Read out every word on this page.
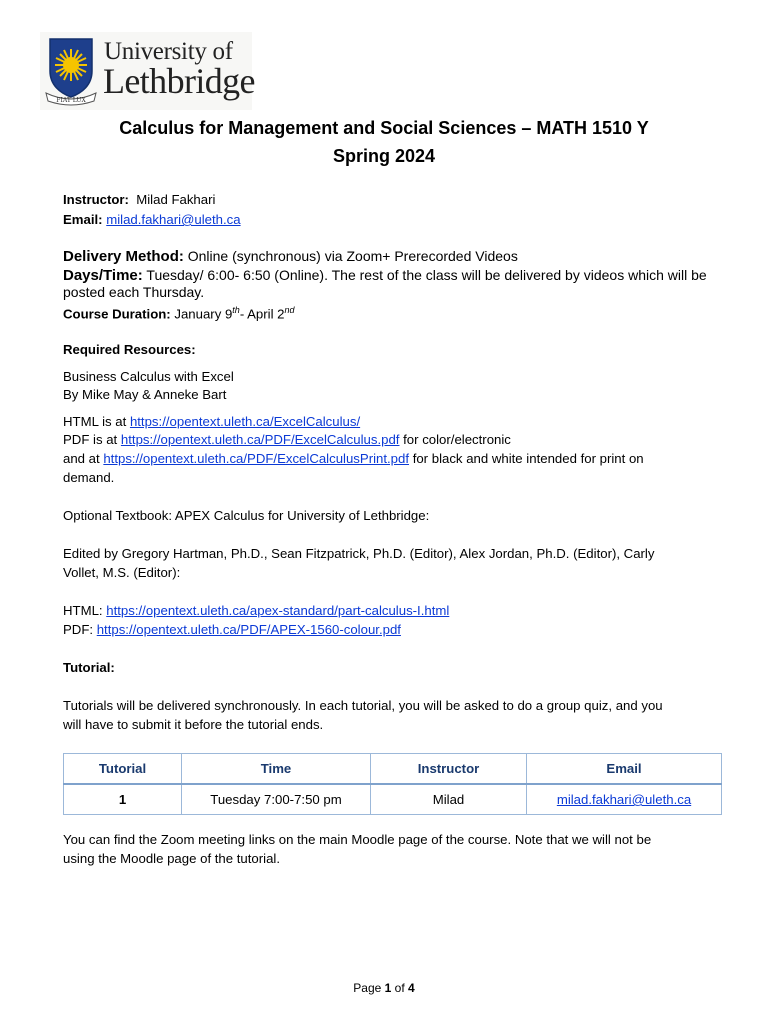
FIAT LUX
University of
Lethbridge
Calculus for Management and Social Sciences – MATH 1510 Y
Spring 2024
Instructor: Milad Fakhari
Email: milad.fakhari@uleth.ca
Delivery Method: Online (synchronous) via Zoom+ Prerecorded Videos
Days/Time: Tuesday/ 6:00- 6:50 (Online). The rest of the class will be delivered by videos which will be
posted each Thursday.
Course Duration: January 9th- April 2nd
Required Resources:
Business Calculus with Excel
By Mike May & Anneke Bart
HTML is at https://opentext.uleth.ca/ExcelCalculus/
PDF is at https://opentext.uleth.ca/PDF/ExcelCalculus.pdf for color/electronic
and at https://opentext.uleth.ca/PDF/ExcelCalculusPrint.pdf for black and white intended for print on
demand.
Optional Textbook: APEX Calculus for University of Lethbridge:
Edited by Gregory Hartman, Ph.D., Sean Fitzpatrick, Ph.D. (Editor), Alex Jordan, Ph.D. (Editor), Carly
Vollet, M.S. (Editor):
HTML: https://opentext.uleth.ca/apex-standard/part-calculus-I.html
PDF: https://opentext.uleth.ca/PDF/APEX-1560-colour.pdf
Tutorial:
Tutorials will be delivered synchronously. In each tutorial, you will be asked to do a group quiz, and you
will have to submit it before the tutorial ends.
Tutorial	Time	Instructor	Email
1	Tuesday 7:00-7:50 pm	Milad	milad.fakhari@uleth.ca
You can find the Zoom meeting links on the main Moodle page of the course. Note that we will not be
using the Moodle page of the tutorial.
Page 1 of 4
